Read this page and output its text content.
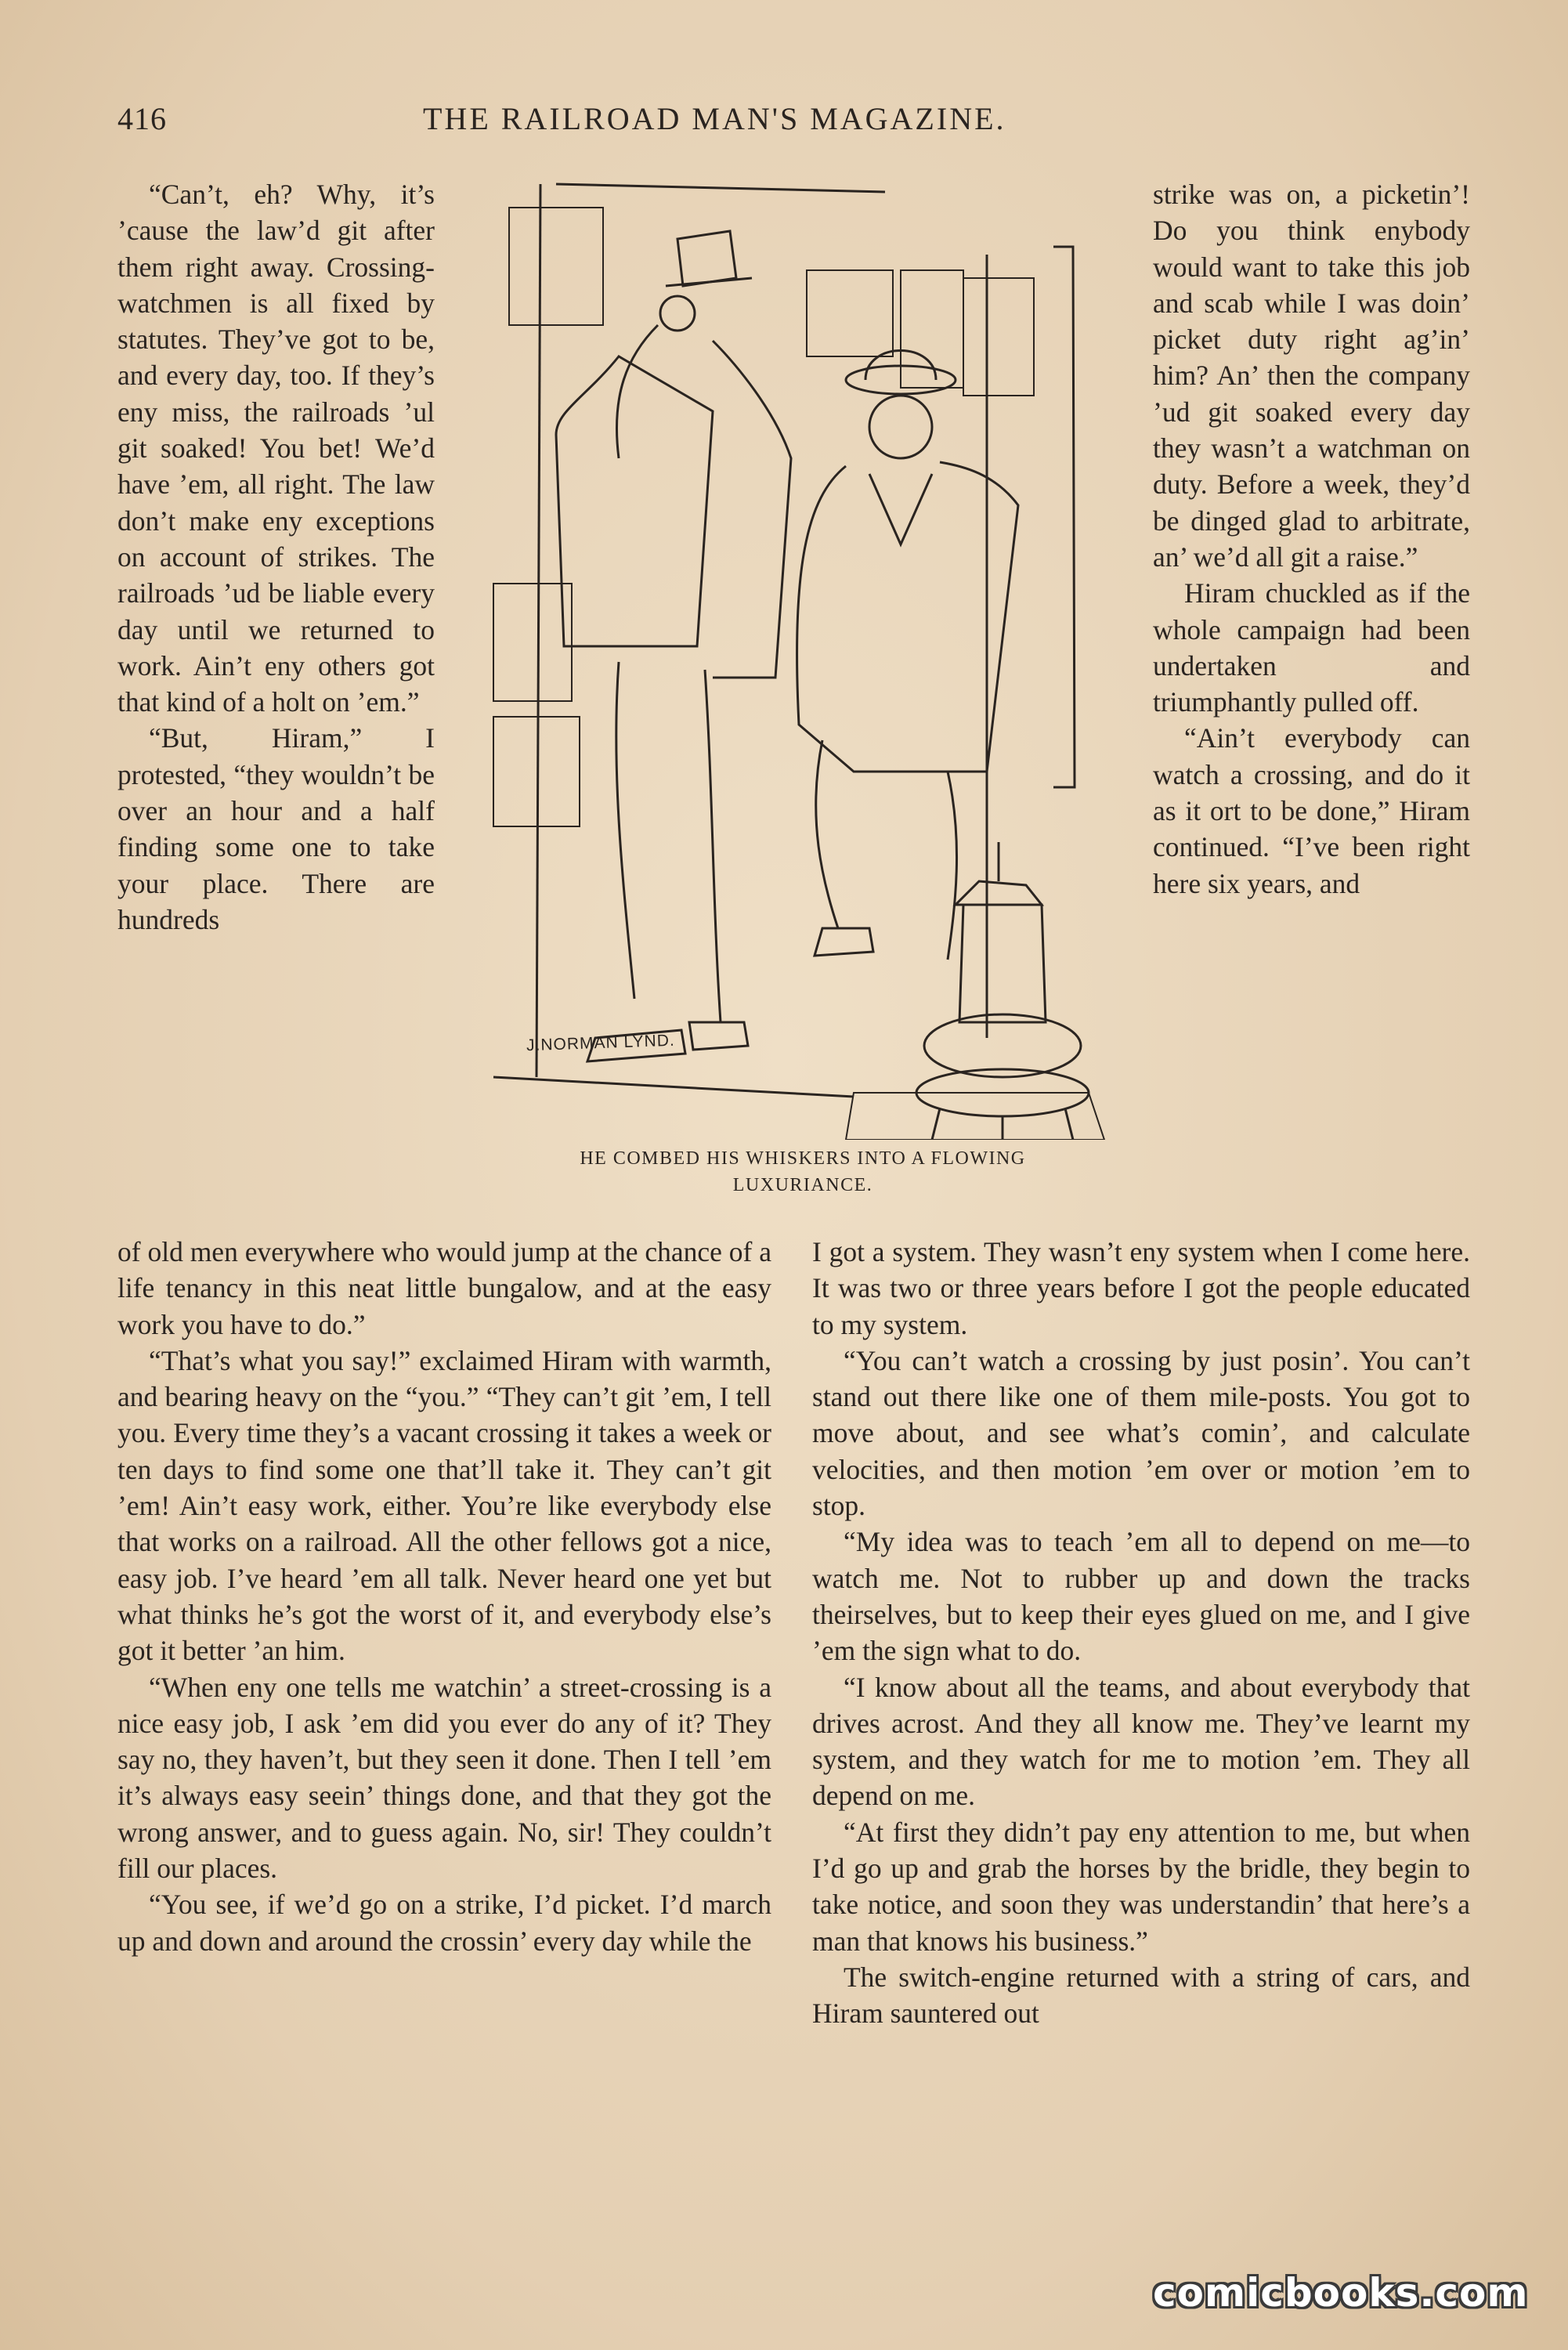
416	THE RAILROAD MAN'S MAGAZINE.

“Can’t, eh? Why, it’s ’cause the law’d git after them right away. Crossing-watchmen is all fixed by statutes. They’ve got to be, and every day, too. If they’s eny miss, the railroads ’ul git soaked! You bet! We’d have ’em, all right. The law don’t make eny exceptions on account of strikes. The railroads ’ud be liable every day until we returned to work. Ain’t eny others got that kind of a holt on ’em.”

“But, Hiram,” I protested, “they wouldn’t be over an hour and a half finding some one to take your place. There are hundreds

J.NORMAN LYND.
HE COMBED HIS WHISKERS INTO A FLOWING
LUXURIANCE.

strike was on, a picketin’! Do you think enybody would want to take this job and scab while I was doin’ picket duty right ag’in’ him? An’ then the company ’ud git soaked every day they wasn’t a watchman on duty. Before a week, they’d be dinged glad to arbitrate, an’ we’d all git a raise.”

Hiram chuckled as if the whole campaign had been undertaken and triumphantly pulled off.

“Ain’t everybody can watch a crossing, and do it as it ort to be done,” Hiram continued. “I’ve been right here six years, and

of old men everywhere who would jump at the chance of a life tenancy in this neat little bungalow, and at the easy work you have to do.”

“That’s what you say!” exclaimed Hiram with warmth, and bearing heavy on the “you.” “They can’t git ’em, I tell you. Every time they’s a vacant crossing it takes a week or ten days to find some one that’ll take it. They can’t git ’em! Ain’t easy work, either. You’re like everybody else that works on a railroad. All the other fellows got a nice, easy job. I’ve heard ’em all talk. Never heard one yet but what thinks he’s got the worst of it, and everybody else’s got it better ’an him.

“When eny one tells me watchin’ a street-crossing is a nice easy job, I ask ’em did you ever do any of it? They say no, they haven’t, but they seen it done. Then I tell ’em it’s always easy seein’ things done, and that they got the wrong answer, and to guess again. No, sir! They couldn’t fill our places.

“You see, if we’d go on a strike, I’d picket. I’d march up and down and around the crossin’ every day while the

I got a system. They wasn’t eny system when I come here. It was two or three years before I got the people educated to my system.

“You can’t watch a crossing by just posin’. You can’t stand out there like one of them mile-posts. You got to move about, and see what’s comin’, and calculate velocities, and then motion ’em over or motion ’em to stop.

“My idea was to teach ’em all to depend on me—to watch me. Not to rubber up and down the tracks theirselves, but to keep their eyes glued on me, and I give ’em the sign what to do.

“I know about all the teams, and about everybody that drives acrost. And they all know me. They’ve learnt my system, and they watch for me to motion ’em. They all depend on me.

“At first they didn’t pay eny attention to me, but when I’d go up and grab the horses by the bridle, they begin to take notice, and soon they was understandin’ that here’s a man that knows his business.”

The switch-engine returned with a string of cars, and Hiram sauntered out

comicbooks.com
